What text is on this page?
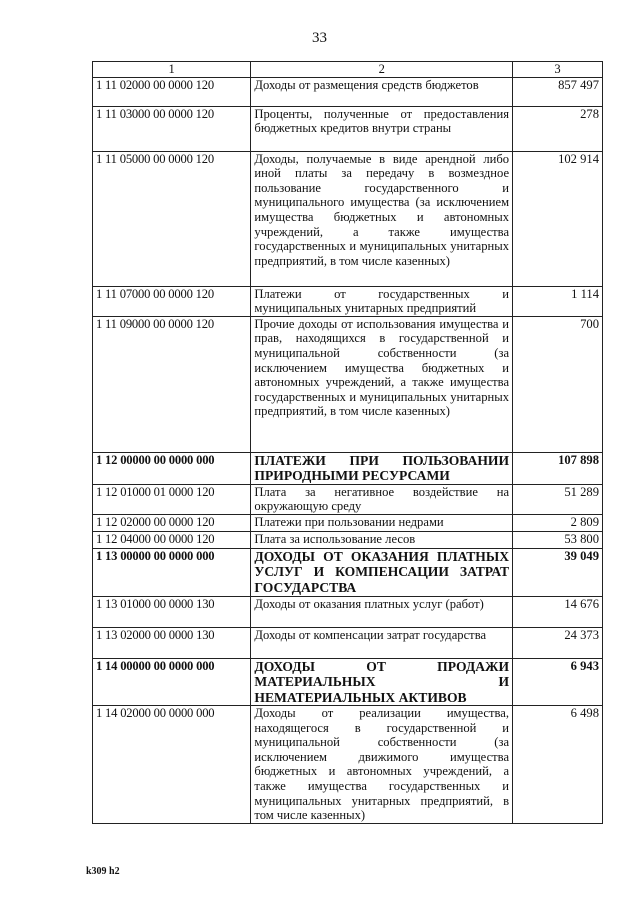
33
1	2	3
1 11 02000 00 0000 120	Доходы от размещения средств бюджетов	857 497
1 11 03000 00 0000 120	Проценты, полученные от предоставления бюджетных кредитов внутри страны	278
1 11 05000 00 0000 120	Доходы, получаемые в виде арендной либо иной платы за передачу в возмездное пользование государственного и муниципального имущества (за исключением имущества бюджетных и автономных учреждений, а также имущества государственных и муниципальных унитарных предприятий, в том числе казенных)	102 914
1 11 07000 00 0000 120	Платежи от государственных и муниципальных унитарных предприятий	1 114
1 11 09000 00 0000 120	Прочие доходы от использования имущества и прав, находящихся в государственной и муниципальной собственности (за исключением имущества бюджетных и автономных учреждений, а также имущества государственных и муниципальных унитарных предприятий, в том числе казенных)	700
1 12 00000 00 0000 000	ПЛАТЕЖИ ПРИ ПОЛЬЗОВАНИИ ПРИРОДНЫМИ РЕСУРСАМИ	107 898
1 12 01000 01 0000 120	Плата за негативное воздействие на окружающую среду	51 289
1 12 02000 00 0000 120	Платежи при пользовании недрами	2 809
1 12 04000 00 0000 120	Плата за использование лесов	53 800
1 13 00000 00 0000 000	ДОХОДЫ ОТ ОКАЗАНИЯ ПЛАТНЫХ УСЛУГ И КОМПЕНСАЦИИ ЗАТРАТ ГОСУДАРСТВА	39 049
1 13 01000 00 0000 130	Доходы от оказания платных услуг (работ)	14 676
1 13 02000 00 0000 130	Доходы от компенсации затрат государства	24 373
1 14 00000 00 0000 000	ДОХОДЫ ОТ ПРОДАЖИ МАТЕРИАЛЬНЫХ И НЕМАТЕРИАЛЬНЫХ АКТИВОВ	6 943
1 14 02000 00 0000 000	Доходы от реализации имущества, находящегося в государственной и муниципальной собственности (за исключением движимого имущества бюджетных и автономных учреждений, а также имущества государственных и муниципальных унитарных предприятий, в том числе казенных)	6 498
k309 h2
